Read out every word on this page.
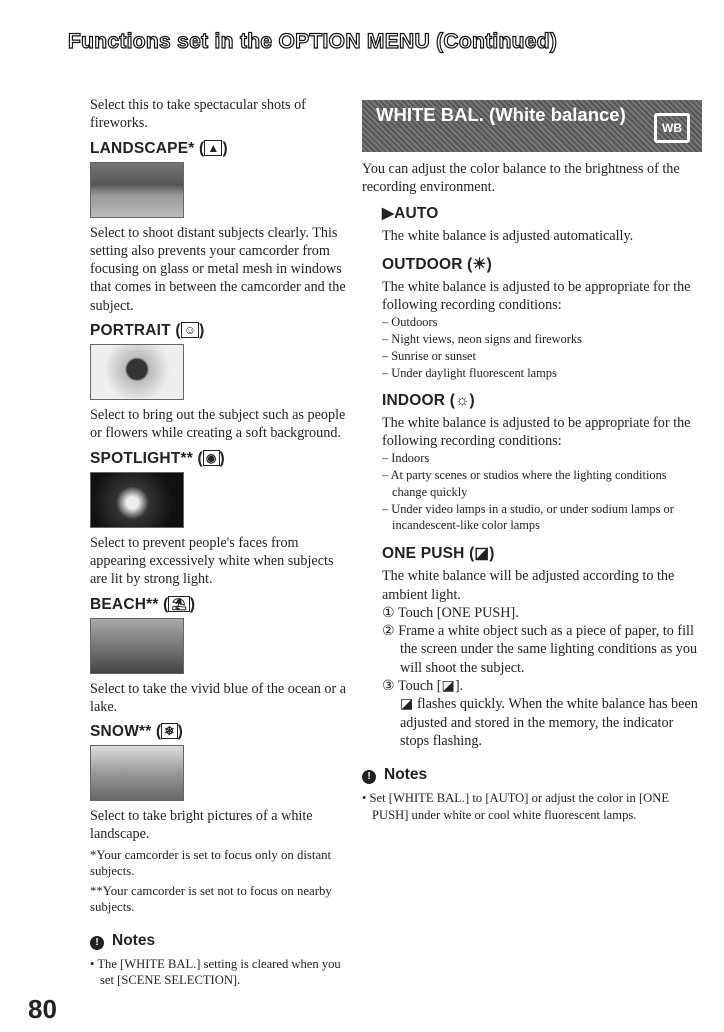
Functions set in the OPTION MENU (Continued)

Select this to take spectacular shots of fireworks.

LANDSCAPE* ( ▲ )

Select to shoot distant subjects clearly. This setting also prevents your camcorder from focusing on glass or metal mesh in windows that comes in between the camcorder and the subject.

PORTRAIT ( ☺ )

Select to bring out the subject such as people or flowers while creating a soft background.

SPOTLIGHT** ( ◉ )

Select to prevent people's faces from appearing excessively white when subjects are lit by strong light.

BEACH** ( ⛱ )

Select to take the vivid blue of the ocean or a lake.

SNOW** ( ❄ )

Select to take bright pictures of a white landscape.

*Your camcorder is set to focus only on distant subjects.

**Your camcorder is set not to focus on nearby subjects.

! Notes

• The [WHITE BAL.] setting is cleared when you set [SCENE SELECTION].

WHITE BAL. (White balance)
WB

You can adjust the color balance to the brightness of the recording environment.

▶AUTO

The white balance is adjusted automatically.

OUTDOOR (☀)

The white balance is adjusted to be appropriate for the following recording conditions:

– Outdoors
– Night views, neon signs and fireworks
– Sunrise or sunset
– Under daylight fluorescent lamps
INDOOR (☼)

The white balance is adjusted to be appropriate for the following recording conditions:

– Indoors
– At party scenes or studios where the lighting conditions change quickly
– Under video lamps in a studio, or under sodium lamps or incandescent-like color lamps
ONE PUSH (◪)

The white balance will be adjusted according to the ambient light.

① Touch [ONE PUSH].

② Frame a white object such as a piece of paper, to fill the screen under the same lighting conditions as you will shoot the subject.

③ Touch [◪].

◪ flashes quickly. When the white balance has been adjusted and stored in the memory, the indicator stops flashing.

! Notes

• Set [WHITE BAL.] to [AUTO] or adjust the color in [ONE PUSH] under white or cool white fluorescent lamps.

80
